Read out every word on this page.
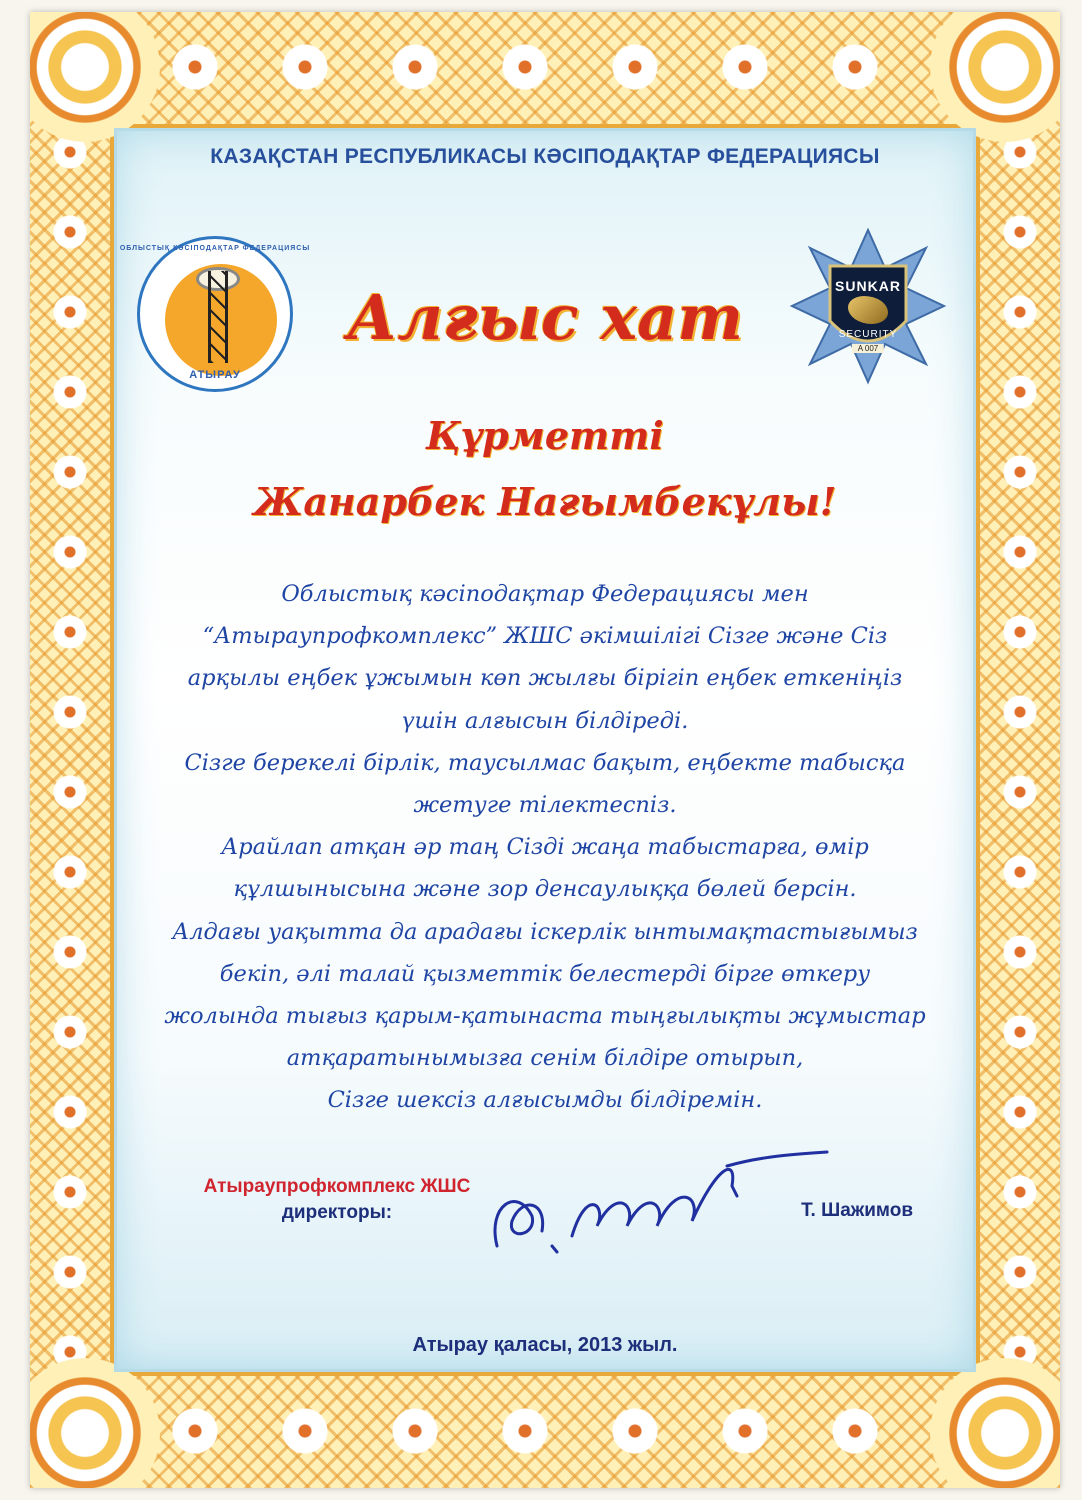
КАЗАҚСТАН РЕСПУБЛИКАСЫ КӘСІПОДАҚТАР ФЕДЕРАЦИЯСЫ
ОБЛЫСТЫҚ КӘСІПОДАҚТАР ФЕДЕРАЦИЯСЫ
АТЫРАУ
SUNKAR
SECURITY
A 007
Алғыс хат
Құрметті
Жанарбек Нағымбекұлы!
Облыстық кәсіподақтар Федерациясы мен
“Атыраупрофкомплекс” ЖШС әкімшілігі Сізге және Сіз
арқылы еңбек ұжымын көп жылғы бірігіп еңбек еткеніңіз
үшін алғысын білдіреді.
Сізге берекелі бірлік, таусылмас бақыт, еңбекте табысқа
жетуге тілектеспіз.
Арайлап атқан әр таң Сізді жаңа табыстарға, өмір
құлшынысына және зор денсаулыққа бөлей берсін.
Алдағы уақытта да арадағы іскерлік ынтымақтастығымыз
бекіп, әлі талай қызметтік белестерді бірге өткеру
жолында тығыз қарым-қатынаста тыңғылықты жұмыстар
атқаратынымызға сенім білдіре отырып,
Сізге шексіз алғысымды білдіремін.
Атыраупрофкомплекс ЖШС
директоры:	Т. Шажимов
Атырау қаласы, 2013 жыл.
